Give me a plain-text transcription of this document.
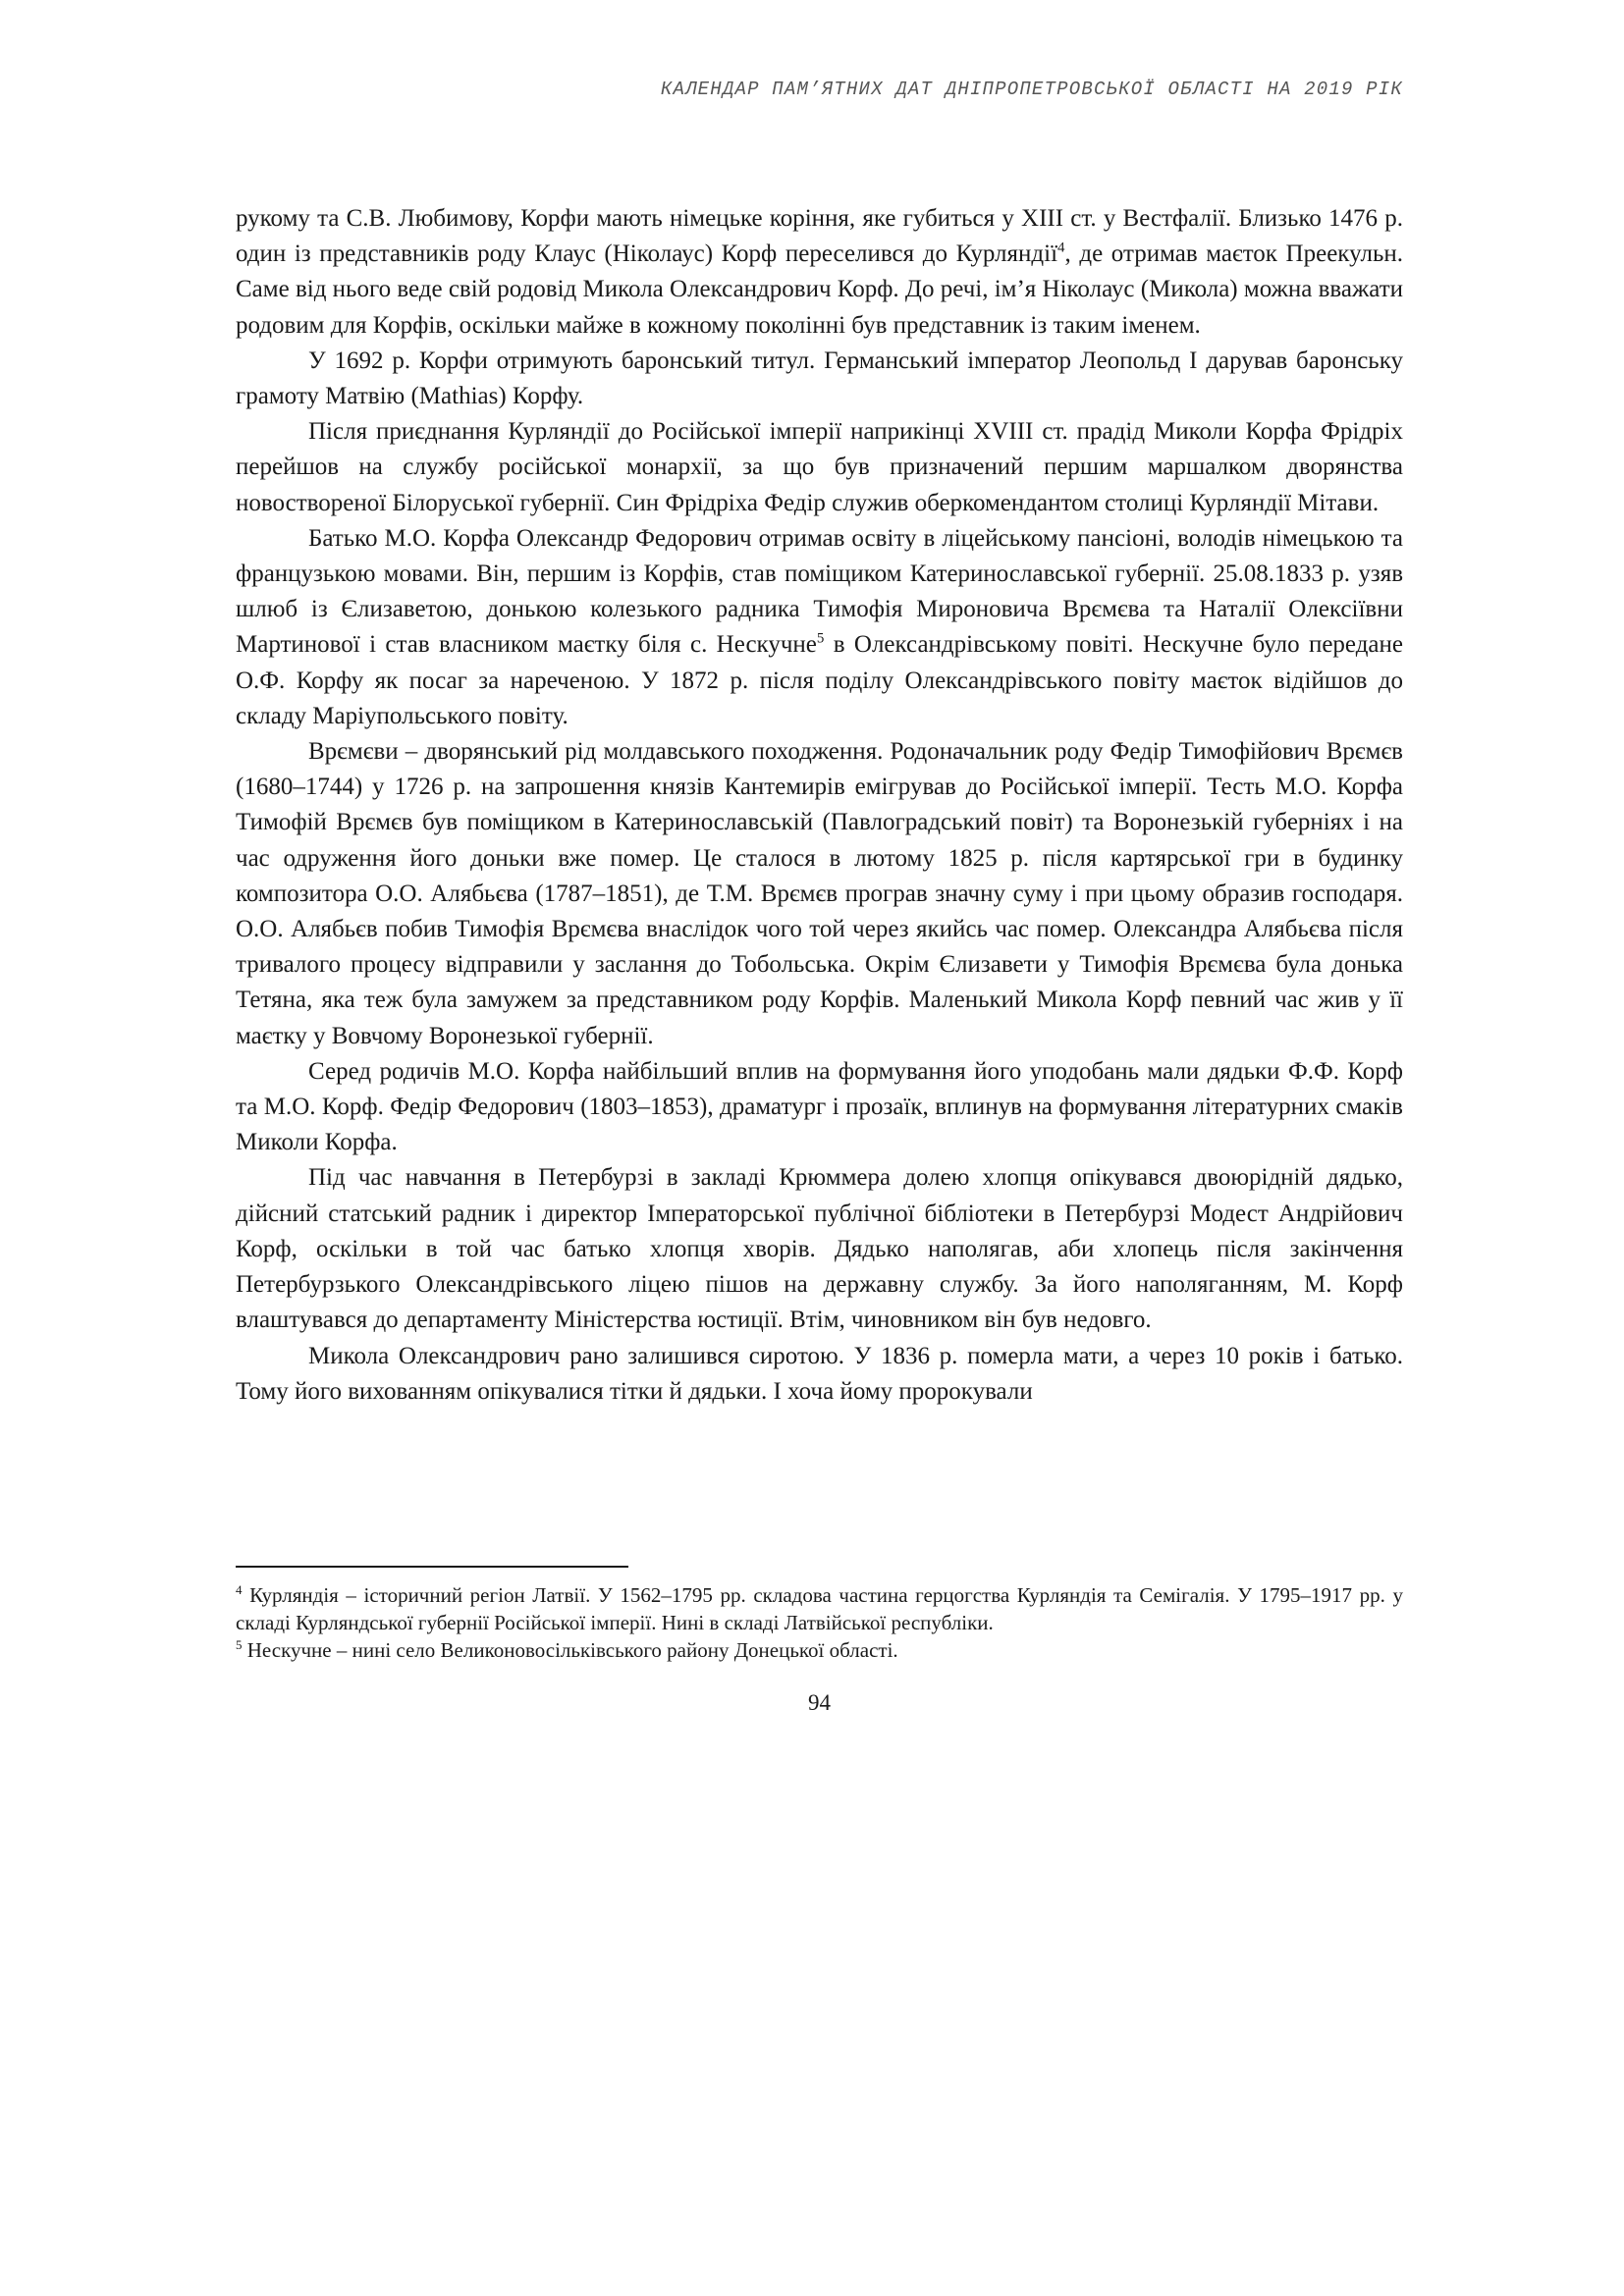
КАЛЕНДАР ПАМ’ЯТНИХ ДАТ ДНІПРОПЕТРОВСЬКОЇ ОБЛАСТІ НА 2019 РІК

рукому та С.В. Любимову, Корфи мають німецьке коріння, яке губиться у XIII ст. у Вестфалії. Близько 1476 р. один із представників роду Клаус (Ніколаус) Корф переселився до Курляндії$^4$, де отримав маєток Преекульн. Саме від нього веде свій родовід Микола Олександрович Корф. До речі, ім’я Ніколаус (Микола) можна вважати родовим для Корфів, оскільки майже в кожному поколінні був представник із таким іменем.

У 1692 р. Корфи отримують баронський титул. Германський імператор Леопольд I дарував баронську грамоту Матвію (Mathias) Корфу.

Після приєднання Курляндії до Російської імперії наприкінці XVIII ст. прадід Миколи Корфа Фрідріх перейшов на службу російської монархії, за що був призначений першим маршалком дворянства новоствореної Білоруської губернії. Син Фрідріха Федір служив оберкомендантом столиці Курляндії Мітави.

Батько М.О. Корфа Олександр Федорович отримав освіту в ліцейському пансіоні, володів німецькою та французькою мовами. Він, першим із Корфів, став поміщиком Катеринославської губернії. 25.08.1833 р. узяв шлюб із Єлизаветою, донькою колезького радника Тимофія Мироновича Врємєва та Наталії Олексіївни Мартинової і став власником маєтку біля с. Нескучне$^5$ в Олександрівському повіті. Нескучне було передане О.Ф. Корфу як посаг за нареченою. У 1872 р. після поділу Олександрівського повіту маєток відійшов до складу Маріупольського повіту.

Врємєви – дворянський рід молдавського походження. Родоначальник роду Федір Тимофійович Врємєв (1680–1744) у 1726 р. на запрошення князів Кантемирів емігрував до Російської імперії. Тесть М.О. Корфа Тимофій Врємєв був поміщиком в Катеринославській (Павлоградський повіт) та Воронезькій губерніях і на час одруження його доньки вже помер. Це сталося в лютому 1825 р. після картярської гри в будинку композитора О.О. Алябьєва (1787–1851), де Т.М. Врємєв програв значну суму і при цьому образив господаря. О.О. Алябьєв побив Тимофія Врємєва внаслідок чого той через якийсь час помер. Олександра Алябьєва після тривалого процесу відправили у заслання до Тобольська. Окрім Єлизавети у Тимофія Врємєва була донька Тетяна, яка теж була замужем за представником роду Корфів. Маленький Микола Корф певний час жив у її маєтку у Вовчому Воронезької губернії.

Серед родичів М.О. Корфа найбільший вплив на формування його уподобань мали дядьки Ф.Ф. Корф та М.О. Корф. Федір Федорович (1803–1853), драматург і прозаїк, вплинув на формування літературних смаків Миколи Корфа.

Під час навчання в Петербурзі в закладі Крюммера долею хлопця опікувався двоюрідній дядько, дійсний статський радник і директор Імператорської публічної бібліотеки в Петербурзі Модест Андрійович Корф, оскільки в той час батько хлопця хворів. Дядько наполягав, аби хлопець після закінчення Петербурзького Олександрівського ліцею пішов на державну службу. За його наполяганням, М. Корф влаштувався до департаменту Міністерства юстиції. Втім, чиновником він був недовго.

Микола Олександрович рано залишився сиротою. У 1836 р. померла мати, а через 10 років і батько. Тому його вихованням опікувалися тітки й дядьки. І хоча йому пророкували

$^4$ Курляндія – історичний регіон Латвії. У 1562–1795 рр. складова частина герцогства Курляндія та Семігалія. У 1795–1917 рр. у складі Курляндської губернії Російської імперії. Нині в складі Латвійської республіки.

$^5$ Нескучне – нині село Великоновосільківського району Донецької області.

94
